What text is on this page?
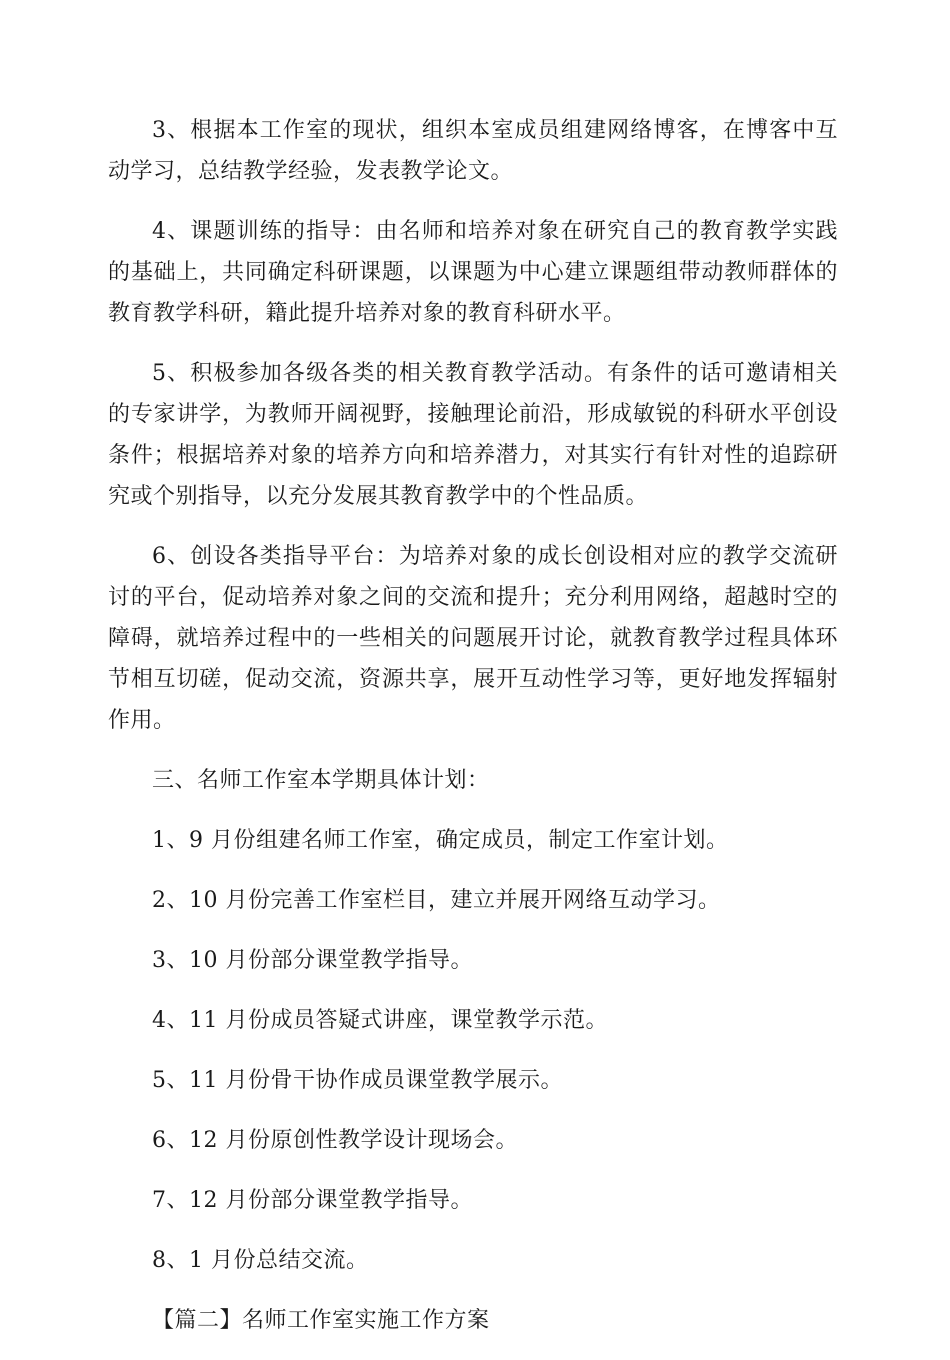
3、根据本工作室的现状，组织本室成员组建网络博客，在博客中互动学习，总结教学经验，发表教学论文。

4、课题训练的指导：由名师和培养对象在研究自己的教育教学实践的基础上，共同确定科研课题，以课题为中心建立课题组带动教师群体的教育教学科研，籍此提升培养对象的教育科研水平。

5、积极参加各级各类的相关教育教学活动。有条件的话可邀请相关的专家讲学，为教师开阔视野，接触理论前沿，形成敏锐的科研水平创设条件；根据培养对象的培养方向和培养潜力，对其实行有针对性的追踪研究或个别指导，以充分发展其教育教学中的个性品质。

6、创设各类指导平台：为培养对象的成长创设相对应的教学交流研讨的平台，促动培养对象之间的交流和提升；充分利用网络，超越时空的障碍，就培养过程中的一些相关的问题展开讨论，就教育教学过程具体环节相互切磋，促动交流，资源共享，展开互动性学习等，更好地发挥辐射作用。

三、名师工作室本学期具体计划：

1、9 月份组建名师工作室，确定成员，制定工作室计划。

2、10 月份完善工作室栏目，建立并展开网络互动学习。

3、10 月份部分课堂教学指导。

4、11 月份成员答疑式讲座，课堂教学示范。

5、11 月份骨干协作成员课堂教学展示。

6、12 月份原创性教学设计现场会。

7、12 月份部分课堂教学指导。

8、1 月份总结交流。

【篇二】名师工作室实施工作方案
